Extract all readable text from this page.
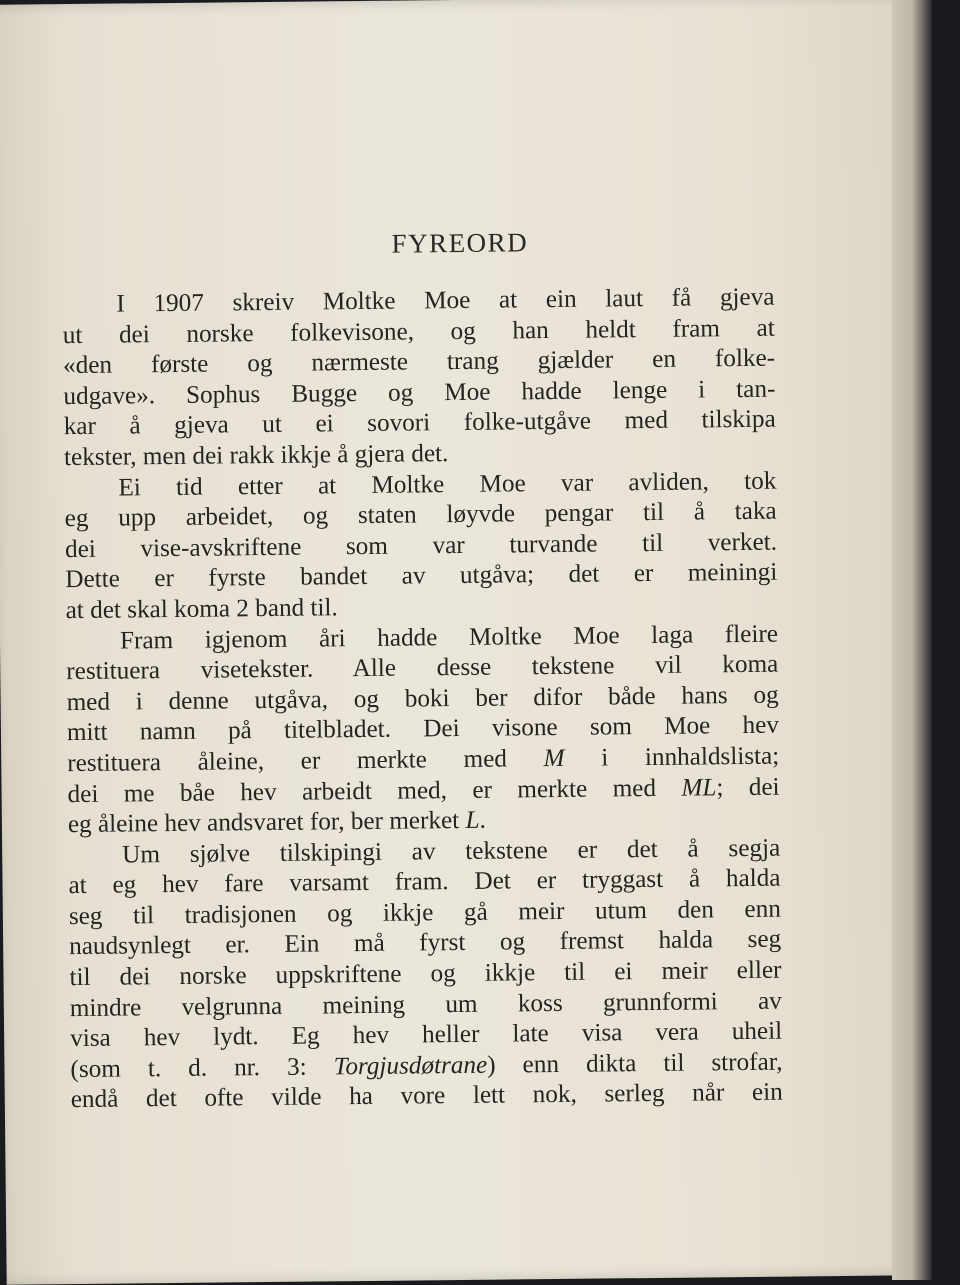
FYREORD
I 1907 skreiv Moltke Moe at ein laut få gjeva
ut dei norske folkevisone, og han heldt fram at
«den første og nærmeste trang gjælder en folke-
udgave». Sophus Bugge og Moe hadde lenge i tan-
kar å gjeva ut ei sovori folke-utgåve med tilskipa
tekster, men dei rakk ikkje å gjera det.
Ei tid etter at Moltke Moe var avliden, tok
eg upp arbeidet, og staten løyvde pengar til å taka
dei vise-avskriftene som var turvande til verket.
Dette er fyrste bandet av utgåva; det er meiningi
at det skal koma 2 band til.
Fram igjenom åri hadde Moltke Moe laga fleire
restituera visetekster. Alle desse tekstene vil koma
med i denne utgåva, og boki ber difor både hans og
mitt namn på titelbladet. Dei visone som Moe hev
restituera åleine, er merkte med M i innhaldslista;
dei me båe hev arbeidt med, er merkte med ML; dei
eg åleine hev andsvaret for, ber merket L.
Um sjølve tilskipingi av tekstene er det å segja
at eg hev fare varsamt fram. Det er tryggast å halda
seg til tradisjonen og ikkje gå meir utum den enn
naudsynlegt er. Ein må fyrst og fremst halda seg
til dei norske uppskriftene og ikkje til ei meir eller
mindre velgrunna meining um koss grunnformi av
visa hev lydt. Eg hev heller late visa vera uheil
(som t. d. nr. 3: Torgjusdøtrane) enn dikta til strofar,
endå det ofte vilde ha vore lett nok, serleg når ein
